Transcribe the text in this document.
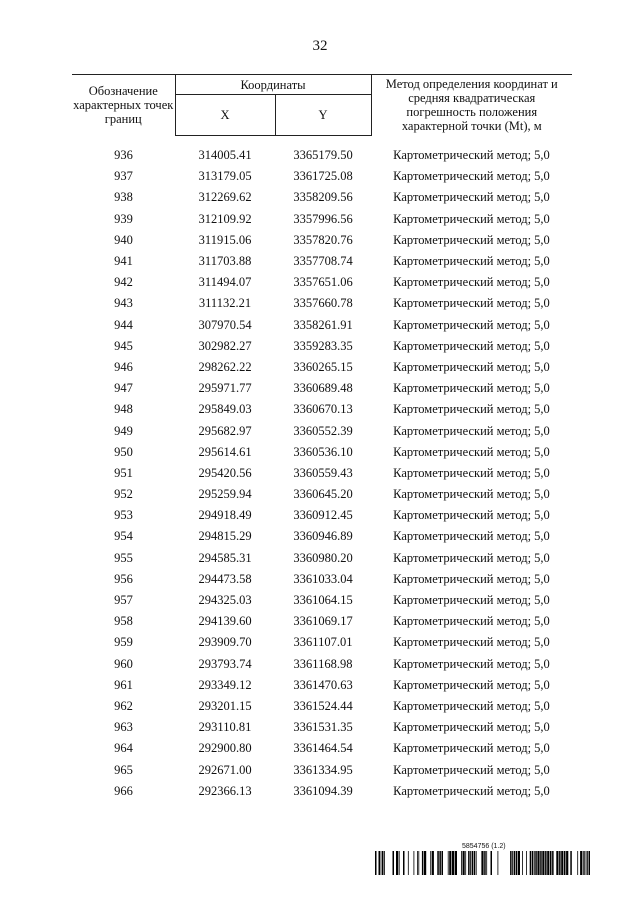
32
Обозначение характерных точек границ	Координаты		Метод определения координат и средняя квадратическая погрешность положения характерной точки (Mt), м
	X	Y	

936	314005.41	3365179.50	Картометрический метод; 5,0
937	313179.05	3361725.08	Картометрический метод; 5,0
938	312269.62	3358209.56	Картометрический метод; 5,0
939	312109.92	3357996.56	Картометрический метод; 5,0
940	311915.06	3357820.76	Картометрический метод; 5,0
941	311703.88	3357708.74	Картометрический метод; 5,0
942	311494.07	3357651.06	Картометрический метод; 5,0
943	311132.21	3357660.78	Картометрический метод; 5,0
944	307970.54	3358261.91	Картометрический метод; 5,0
945	302982.27	3359283.35	Картометрический метод; 5,0
946	298262.22	3360265.15	Картометрический метод; 5,0
947	295971.77	3360689.48	Картометрический метод; 5,0
948	295849.03	3360670.13	Картометрический метод; 5,0
949	295682.97	3360552.39	Картометрический метод; 5,0
950	295614.61	3360536.10	Картометрический метод; 5,0
951	295420.56	3360559.43	Картометрический метод; 5,0
952	295259.94	3360645.20	Картометрический метод; 5,0
953	294918.49	3360912.45	Картометрический метод; 5,0
954	294815.29	3360946.89	Картометрический метод; 5,0
955	294585.31	3360980.20	Картометрический метод; 5,0
956	294473.58	3361033.04	Картометрический метод; 5,0
957	294325.03	3361064.15	Картометрический метод; 5,0
958	294139.60	3361069.17	Картометрический метод; 5,0
959	293909.70	3361107.01	Картометрический метод; 5,0
960	293793.74	3361168.98	Картометрический метод; 5,0
961	293349.12	3361470.63	Картометрический метод; 5,0
962	293201.15	3361524.44	Картометрический метод; 5,0
963	293110.81	3361531.35	Картометрический метод; 5,0
964	292900.80	3361464.54	Картометрический метод; 5,0
965	292671.00	3361334.95	Картометрический метод; 5,0
966	292366.13	3361094.39	Картометрический метод; 5,0
5854756 (1.2)
